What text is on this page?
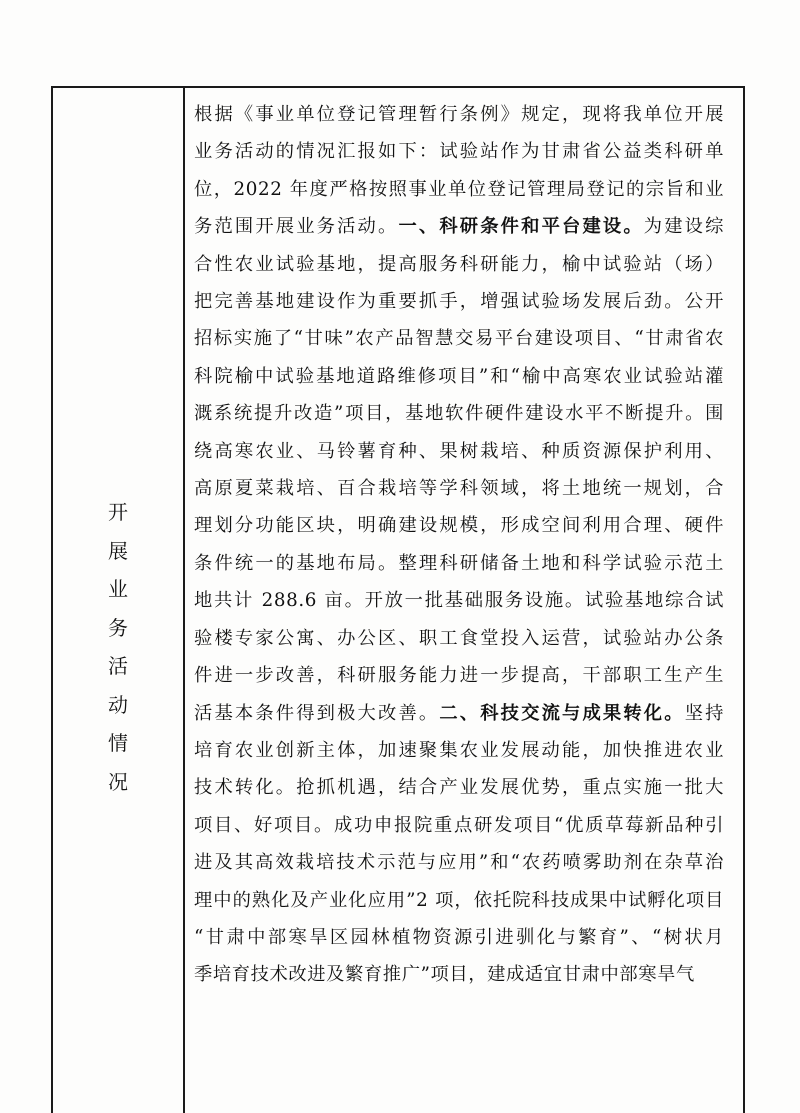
开
展
业
务
活
动
情
况
根据《事业单位登记管理暂行条例》规定，现将我单位开展
业务活动的情况汇报如下：试验站作为甘肃省公益类科研单
位，2022 年度严格按照事业单位登记管理局登记的宗旨和业
务范围开展业务活动。一、科研条件和平台建设。为建设综
合性农业试验基地，提高服务科研能力，榆中试验站（场）
把完善基地建设作为重要抓手，增强试验场发展后劲。公开
招标实施了“甘味”农产品智慧交易平台建设项目、“甘肃省农
科院榆中试验基地道路维修项目”和“榆中高寒农业试验站灌
溉系统提升改造”项目，基地软件硬件建设水平不断提升。围
绕高寒农业、马铃薯育种、果树栽培、种质资源保护利用、
高原夏菜栽培、百合栽培等学科领域，将土地统一规划，合
理划分功能区块，明确建设规模，形成空间利用合理、硬件
条件统一的基地布局。整理科研储备土地和科学试验示范土
地共计 288.6 亩。开放一批基础服务设施。试验基地综合试
验楼专家公寓、办公区、职工食堂投入运营，试验站办公条
件进一步改善，科研服务能力进一步提高，干部职工生产生
活基本条件得到极大改善。二、科技交流与成果转化。坚持
培育农业创新主体，加速聚集农业发展动能，加快推进农业
技术转化。抢抓机遇，结合产业发展优势，重点实施一批大
项目、好项目。成功申报院重点研发项目“优质草莓新品种引
进及其高效栽培技术示范与应用”和“农药喷雾助剂在杂草治
理中的熟化及产业化应用”2 项，依托院科技成果中试孵化项目
“甘肃中部寒旱区园林植物资源引进驯化与繁育”、“树状月
季培育技术改进及繁育推广”项目，建成适宜甘肃中部寒旱气
